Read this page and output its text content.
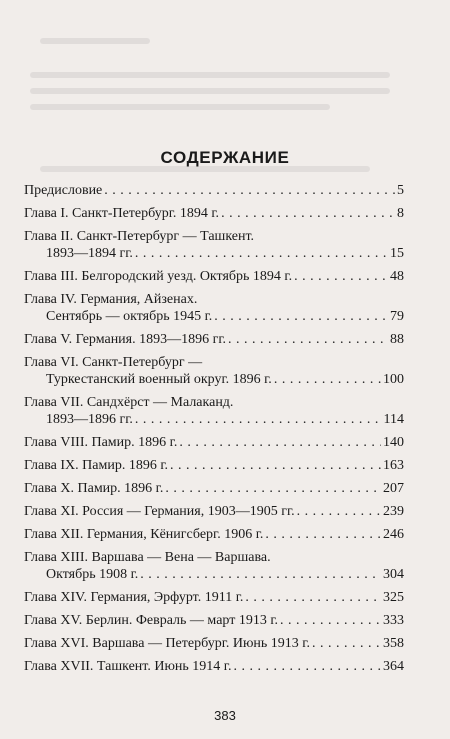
СОДЕРЖАНИЕ
Предисловие . . .	5
Глава I. Санкт-Петербург. 1894 г. . . .	8
Глава II. Санкт-Петербург — Ташкент.
1893—1894 гг. . . .	15
Глава III. Белгородский уезд. Октябрь 1894 г. . . .	48
Глава IV. Германия, Айзенах.
Сентябрь — октябрь 1945 г. . . .	79
Глава V. Германия. 1893—1896 гг. . . .	88
Глава VI. Санкт-Петербург —
Туркестанский военный округ. 1896 г. . . .	100
Глава VII. Сандхёрст — Малаканд.
1893—1896 гг. . . .	114
Глава VIII. Памир. 1896 г. . . .	140
Глава IX. Памир. 1896 г. . . .	163
Глава X. Памир. 1896 г. . . .	207
Глава XI. Россия — Германия, 1903—1905 гг. . . .	239
Глава XII. Германия, Кёнигсберг. 1906 г. . . .	246
Глава XIII. Варшава — Вена — Варшава.
Октябрь 1908 г. . . .	304
Глава XIV. Германия, Эрфурт. 1911 г. . . .	325
Глава XV. Берлин. Февраль — март 1913 г. . . .	333
Глава XVI. Варшава — Петербург. Июнь 1913 г. . . .	358
Глава XVII. Ташкент. Июнь 1914 г. . . .	364
383
